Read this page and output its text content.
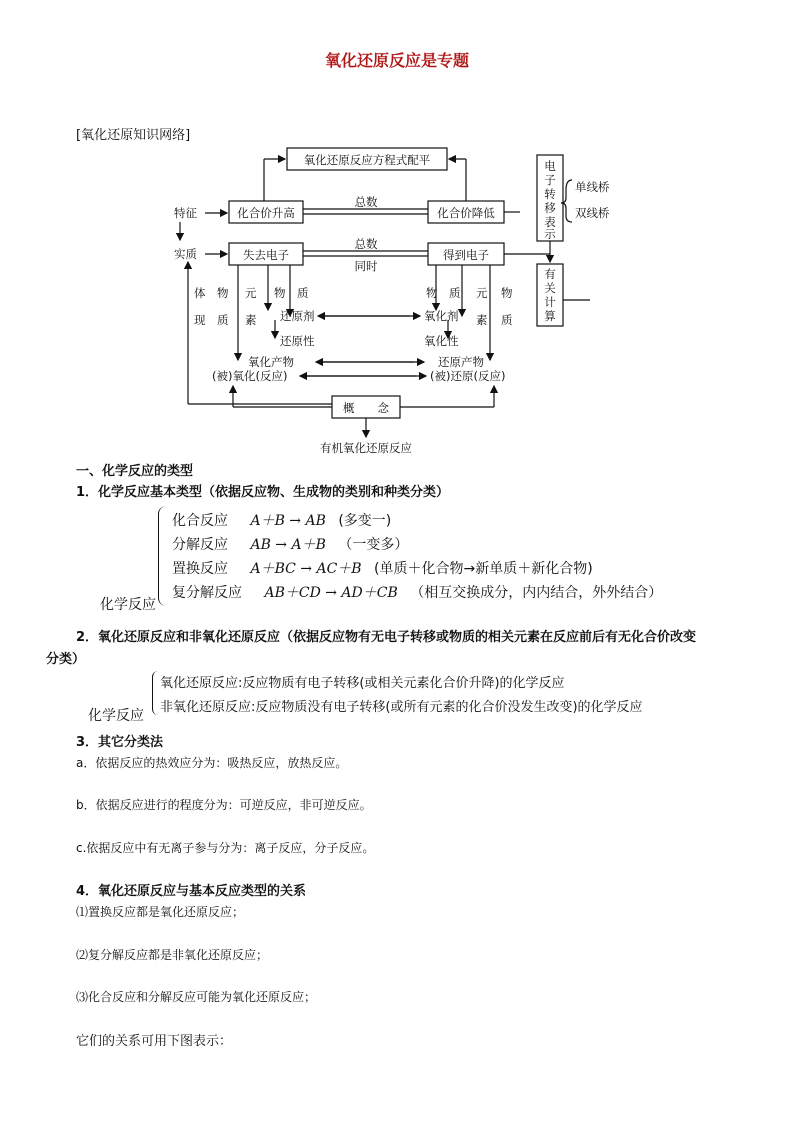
氧化还原反应是专题
[氧化还原知识网络]
氧化还原反应方程式配平
化合价升高	化合价降低
失去电子	得到电子
概　　念
电
子
转
移
表
示
有
关
计
算
单线桥
双线桥
特征
实质
总数
总数
同时
体　物
现　质
元
素
物　质
还原剂
还原性
物　质 元
素
物
质
氧化剂
氧化性
氧化产物	还原产物
(被)氧化(反应)	(被)还原(反应)
有机氧化还原反应
一、化学反应的类型
1．化学反应基本类型（依据反应物、生成物的类别和种类分类）
化合反应 A＋B → AB (多变一)
分解反应 AB → A＋B （一变多）
置换反应 A＋BC → AC＋B (单质＋化合物→新单质＋新化合物)
复分解反应 AB＋CD → AD＋CB （相互交换成分，内内结合，外外结合）
化学反应
2．氧化还原反应和非氧化还原反应（依据反应物有无电子转移或物质的相关元素在反应前后有无化合价改变
分类）
氧化还原反应:反应物质有电子转移(或相关元素化合价升降)的化学反应
非氧化还原反应:反应物质没有电子转移(或所有元素的化合价没发生改变)的化学反应
化学反应
3．其它分类法
a．依据反应的热效应分为：吸热反应，放热反应。
b．依据反应进行的程度分为：可逆反应，非可逆反应。
c.依据反应中有无离子参与分为：离子反应，分子反应。
4．氧化还原反应与基本反应类型的关系
⑴置换反应都是氧化还原反应；
⑵复分解反应都是非氧化还原反应；
⑶化合反应和分解反应可能为氧化还原反应；
它们的关系可用下图表示：
